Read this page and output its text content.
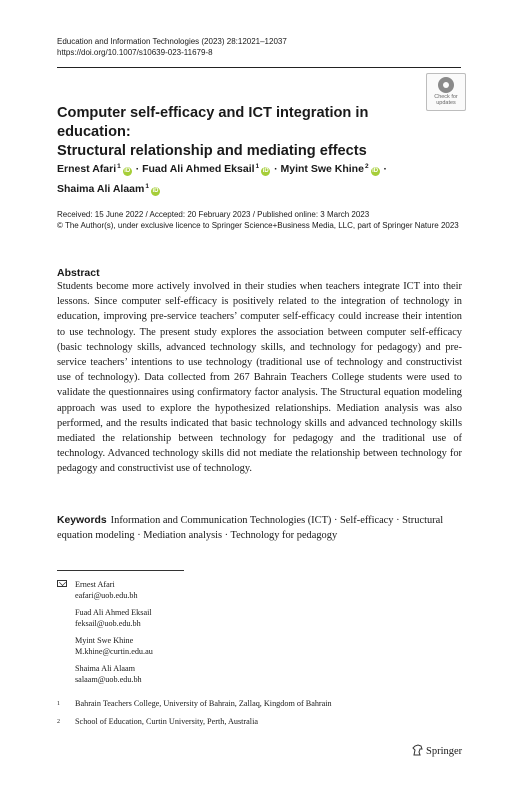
Education and Information Technologies (2023) 28:12021–12037
https://doi.org/10.1007/s10639-023-11679-8
Check for
updates
Computer self-efficacy and ICT integration in education:
Structural relationship and mediating effects
Ernest Afari$^1$iD · Fuad Ali Ahmed Eksail$^1$iD · Myint Swe Khine$^2$iD ·
Shaima Ali Alaam$^1$iD
Received: 15 June 2022 / Accepted: 20 February 2023 / Published online: 3 March 2023
© The Author(s), under exclusive licence to Springer Science+Business Media, LLC, part of Springer Nature 2023
Abstract
Students become more actively involved in their studies when teachers integrate ICT into their lessons. Since computer self-efficacy is positively related to the integration of technology in education, improving pre-service teachers’ computer self-efficacy could increase their intention to use technology. The present study explores the association between computer self-efficacy (basic technology skills, advanced technology skills, and technology for pedagogy) and pre-service teachers’ intentions to use technology (traditional use of technology and constructivist use of technology). Data collected from 267 Bahrain Teachers College students were used to validate the questionnaires using confirmatory factor analysis. The Structural equation modeling approach was used to explore the hypothesized relationships. Mediation analysis was also performed, and the results indicated that basic technology skills and advanced technology skills mediated the relationship between technology for pedagogy and the traditional use of technology. Advanced technology skills did not mediate the relationship between technology for pedagogy and constructivist use of technology.
Keywords Information and Communication Technologies (ICT) · Self-efficacy · Structural equation modeling · Mediation analysis · Technology for pedagogy
Ernest Afari
eafari@uob.edu.bh
Fuad Ali Ahmed Eksail
feksail@uob.edu.bh
Myint Swe Khine
M.khine@curtin.edu.au
Shaima Ali Alaam
salaam@uob.edu.bh
1 Bahrain Teachers College, University of Bahrain, Zallaq, Kingdom of Bahrain
2 School of Education, Curtin University, Perth, Australia
Springer
